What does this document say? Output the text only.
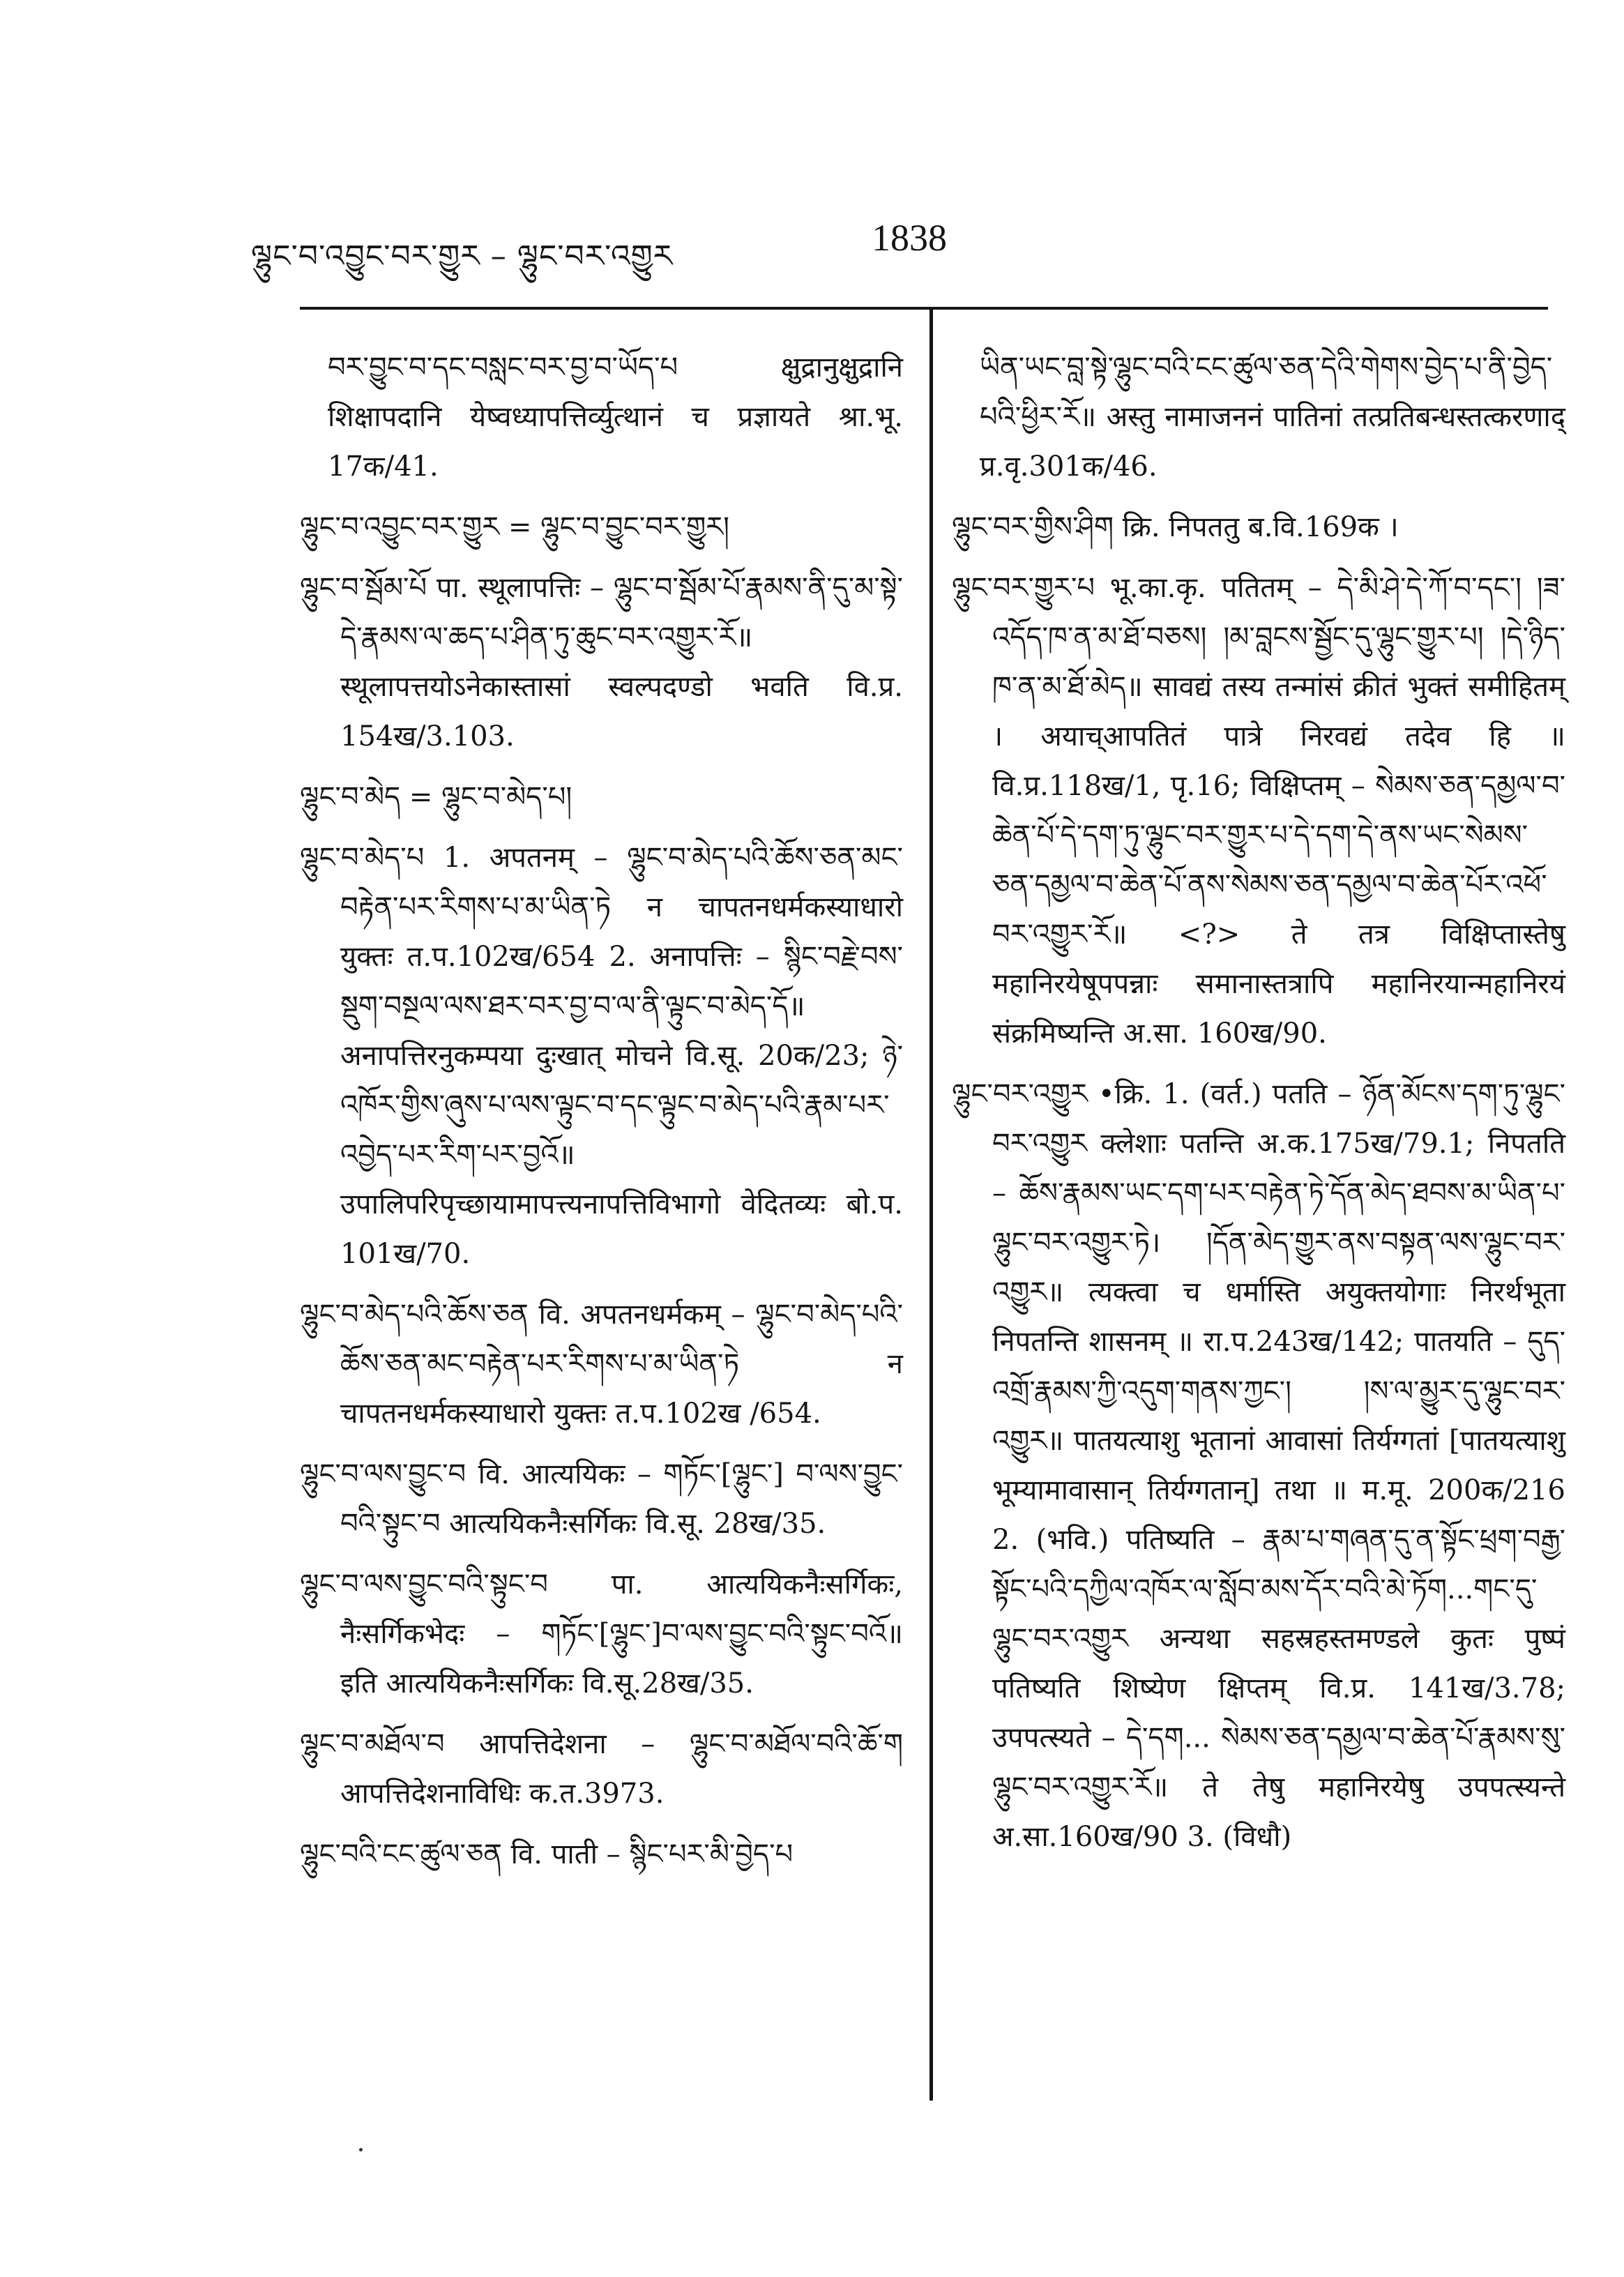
ལྷུང་བ་འབྱུང་བར་གྱུར – ལྷུང་བར་འགྱུར	1838

བར་བྱུང་བ་དང་བསླང་བར་བྱ་བ་ཡོད་པ क्षुद्रानुक्षुद्रानि शिक्षापदानि येष्वध्यापत्तिर्व्युत्थानं च प्रज्ञायते श्रा.भू. 17क/41.

ལྷུང་བ་འབྱུང་བར་གྱུར = ལྷུང་བ་བྱུང་བར་གྱུར།

ལྷུང་བ་སྦོམ་པོ पा. स्थूलापत्तिः – ལྷུང་བ་སྦོམ་པོ་རྣམས་ནི་དུ་མ་སྟེ་དེ་རྣམས་ལ་ཆད་པ་ཤིན་ཏུ་ཆུང་བར་འགྱུར་རོ॥ स्थूलापत्तयोऽनेकास्तासां स्वल्पदण्डो भवति वि.प्र. 154ख/3.103.

ལྷུང་བ་མེད = ལྷུང་བ་མེད་པ།

ལྷུང་བ་མེད་པ 1. अपतनम् – ལྷུང་བ་མེད་པའི་ཆོས་ཅན་མང་བརྟེན་པར་རིགས་པ་མ་ཡིན་ཏེ न चापतनधर्मकस्याधारो युक्तः त.प.102ख/654 2. अनापत्तिः – སྙིང་བརྗེ་བས་སྡུག་བསྔལ་ལས་ཐར་བར་བྱ་བ་ལ་ནི་ལྟུང་བ་མེད་དོ॥ अनापत्तिरनुकम्पया दुःखात् मोचने वि.सू. 20क/23; ཉེ་འཁོར་གྱིས་ཞུས་པ་ལས་ལྟུང་བ་དང་ལྟུང་བ་མེད་པའི་རྣམ་པར་འབྱེད་པར་རིག་པར་བྱའོ॥ उपालिपरिपृच्छायामापत्त्यनापत्तिविभागो वेदितव्यः बो.प. 101ख/70.

ལྷུང་བ་མེད་པའི་ཆོས་ཅན वि. अपतनधर्मकम् – ལྷུང་བ་མེད་པའི་ཆོས་ཅན་མང་བརྟེན་པར་རིགས་པ་མ་ཡིན་ཏེ न चापतनधर्मकस्याधारो युक्तः त.प.102ख /654.

ལྷུང་བ་ལས་བྱུང་བ वि. आत्ययिकः – གཏོང་[ལྷུང་] བ་ལས་བྱུང་བའི་སྟུང་བ आत्ययिकनैःसर्गिकः वि.सू. 28ख/35.

ལྷུང་བ་ལས་བྱུང་བའི་སྟུང་བ पा. आत्ययिकनैःसर्गिकः, नैःसर्गिकभेदः – གཏོང་[ལྷུང་]བ་ལས་བྱུང་བའི་སྟུང་བའོ॥ इति आत्ययिकनैःसर्गिकः वि.सू.28ख/35.

ལྷུང་བ་མཐོལ་བ आपत्तिदेशना – ལྷུང་བ་མཐོལ་བའི་ཆོ་ག आपत्तिदेशनाविधिः क.त.3973.

ལྷུང་བའི་ངང་ཚུལ་ཅན वि. पाती – སྙིང་པར་མི་བྱེད་པ

ཡིན་ཡང་བླ་སྟེ་ལྷུང་བའི་ངང་ཚུལ་ཅན་དེའི་གེགས་བྱེད་པ་ནི་བྱེད་པའི་ཕྱིར་རོ॥ अस्तु नामाजननं पातिनां तत्प्रतिबन्धस्तत्करणाद् प्र.वृ.301क/46.

ལྷུང་བར་གྱིས་ཤིག क्रि. निपततु ब.वि.169क ।

ལྷུང་བར་གྱུར་པ भू.का.कृ. पतितम् – དེ་མི་ཤེ་དེ་ཀོ་བ་དང་། །ཟ་འདོད་ཁ་ན་མ་ཐོ་བཅས། །མ་བླངས་སྦྱོང་དུ་ལྷུང་གྱུར་པ། །དེ་ཉིད་ཁ་ན་མ་ཐོ་མེད॥ सावद्यं तस्य तन्मांसं क्रीतं भुक्तं समीहितम् । अयाच्आपतितं पात्रे निरवद्यं तदेव हि ॥ वि.प्र.118ख/1, पृ.16; विक्षिप्तम् – སེམས་ཅན་དམྱལ་བ་ཆེན་པོ་དེ་དག་ཏུ་ལྷུང་བར་གྱུར་པ་དེ་དག་དེ་ནས་ཡང་སེམས་ཅན་དམྱལ་བ་ཆེན་པོ་ནས་སེམས་ཅན་དམྱལ་བ་ཆེན་པོར་འཕོ་བར་འགྱུར་རོ॥ <?> ते तत्र विक्षिप्तास्तेषु महानिरयेषूपपन्नाः समानास्तत्रापि महानिरयान्महानिरयं संक्रमिष्यन्ति अ.सा. 160ख/90.

ལྷུང་བར་འགྱུར •क्रि. 1. (वर्त.) पतति – ཉོན་མོངས་དག་ཏུ་ལྷུང་བར་འགྱུར क्लेशाः पतन्ति अ.क.175ख/79.1; निपतति – ཆོས་རྣམས་ཡང་དག་པར་བརྟེན་ཏེ་དོན་མེད་ཐབས་མ་ཡིན་པ་ལྷུང་བར་འགྱུར་ཏེ। །དོན་མེད་གྱུར་ནས་བསྟན་ལས་ལྷུང་བར་འགྱུར॥ त्यक्त्वा च धर्मास्ति अयुक्तयोगाः निरर्थभूता निपतन्ति शासनम् ॥ रा.प.243ख/142; पातयति – དུད་འགྲོ་རྣམས་ཀྱི་འདུག་གནས་ཀྱང་། །ས་ལ་མྱུར་དུ་ལྷུང་བར་འགྱུར॥ पातयत्याशु भूतानां आवासां तिर्यग्गतां [पातयत्याशु भूम्यामावासान् तिर्यग्गतान्] तथा ॥ म.मू. 200क/216 2. (भवि.) पतिष्यति – རྣམ་པ་གཞན་དུ་ན་སྟོང་ཕྲག་བརྒྱ་སྟོང་པའི་དཀྱིལ་འཁོར་ལ་སློབ་མས་དོར་བའི་མེ་ཏོག...གང་དུ་ལྷུང་བར་འགྱུར अन्यथा सहस्रहस्तमण्डले कुतः पुष्पं पतिष्यति शिष्येण क्षिप्तम् वि.प्र. 141ख/3.78; उपपत्स्यते – དེ་དག... སེམས་ཅན་དམྱལ་བ་ཆེན་པོ་རྣམས་སུ་ལྷུང་བར་འགྱུར་རོ॥ ते तेषु महानिरयेषु उपपत्स्यन्ते अ.सा.160ख/90 3. (विधौ)
